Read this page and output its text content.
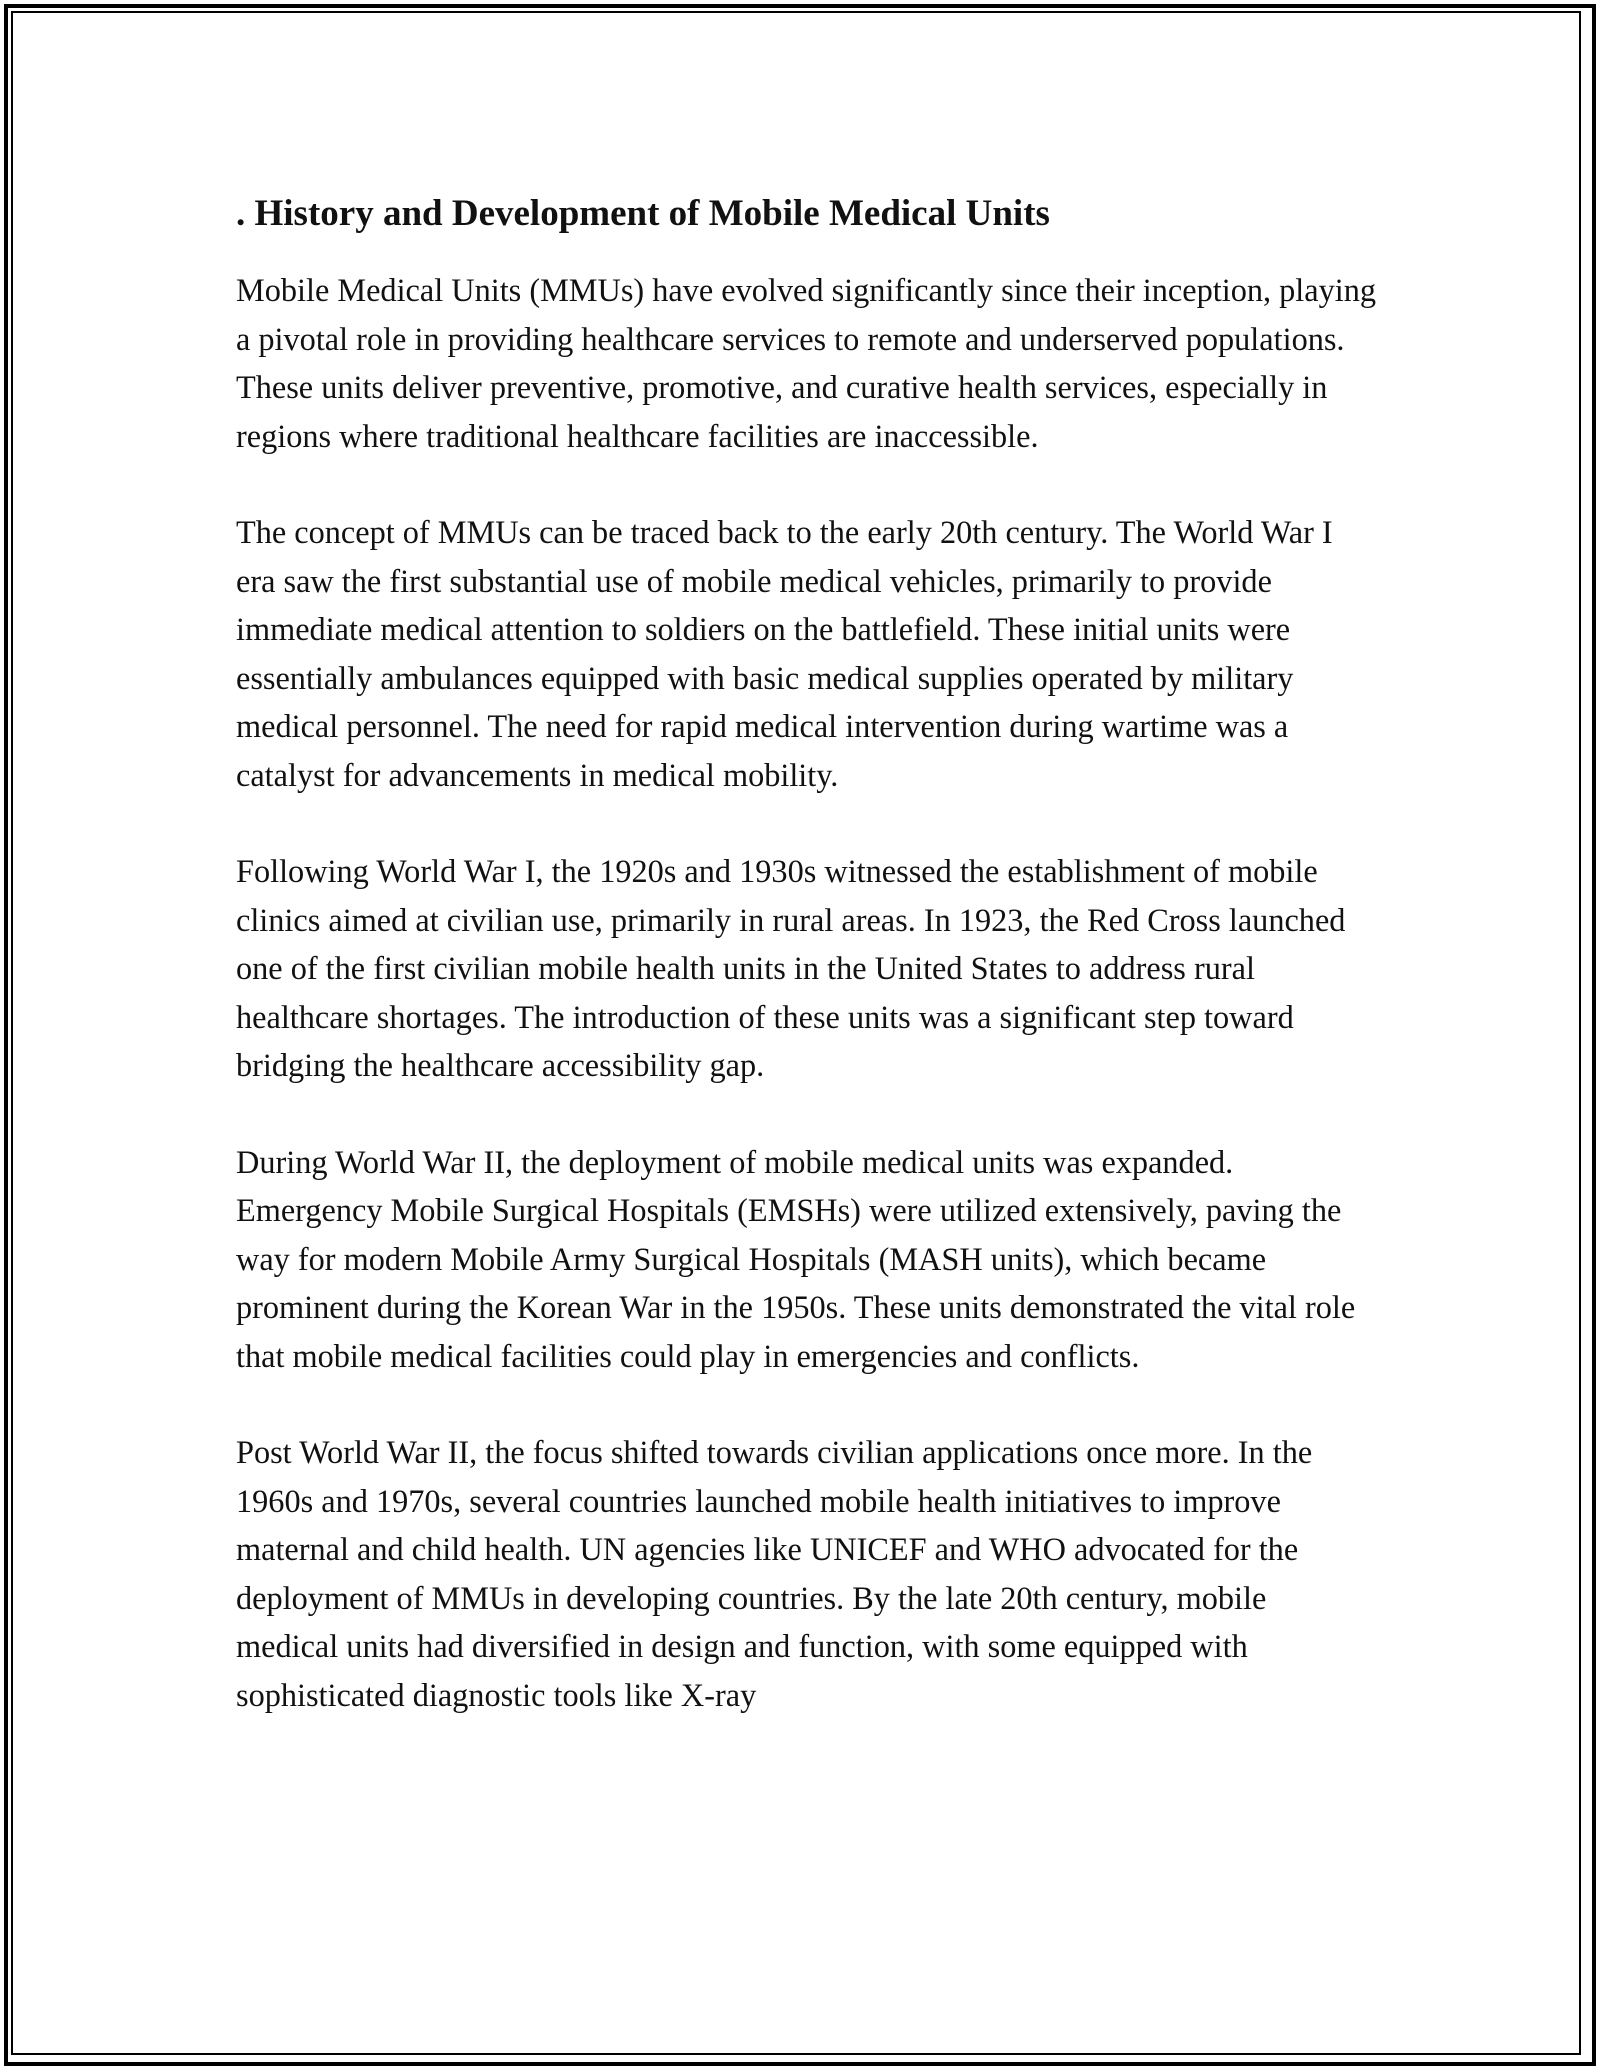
. History and Development of Mobile Medical Units

Mobile Medical Units (MMUs) have evolved significantly since their inception, playing a pivotal role in providing healthcare services to remote and underserved populations. These units deliver preventive, promotive, and curative health services, especially in regions where traditional healthcare facilities are inaccessible.

The concept of MMUs can be traced back to the early 20th century. The World War I era saw the first substantial use of mobile medical vehicles, primarily to provide immediate medical attention to soldiers on the battlefield. These initial units were essentially ambulances equipped with basic medical supplies operated by military medical personnel. The need for rapid medical intervention during wartime was a catalyst for advancements in medical mobility.

Following World War I, the 1920s and 1930s witnessed the establishment of mobile clinics aimed at civilian use, primarily in rural areas. In 1923, the Red Cross launched one of the first civilian mobile health units in the United States to address rural healthcare shortages. The introduction of these units was a significant step toward bridging the healthcare accessibility gap.

During World War II, the deployment of mobile medical units was expanded. Emergency Mobile Surgical Hospitals (EMSHs) were utilized extensively, paving the way for modern Mobile Army Surgical Hospitals (MASH units), which became prominent during the Korean War in the 1950s. These units demonstrated the vital role that mobile medical facilities could play in emergencies and conflicts.

Post World War II, the focus shifted towards civilian applications once more. In the 1960s and 1970s, several countries launched mobile health initiatives to improve maternal and child health. UN agencies like UNICEF and WHO advocated for the deployment of MMUs in developing countries. By the late 20th century, mobile medical units had diversified in design and function, with some equipped with sophisticated diagnostic tools like X-ray
